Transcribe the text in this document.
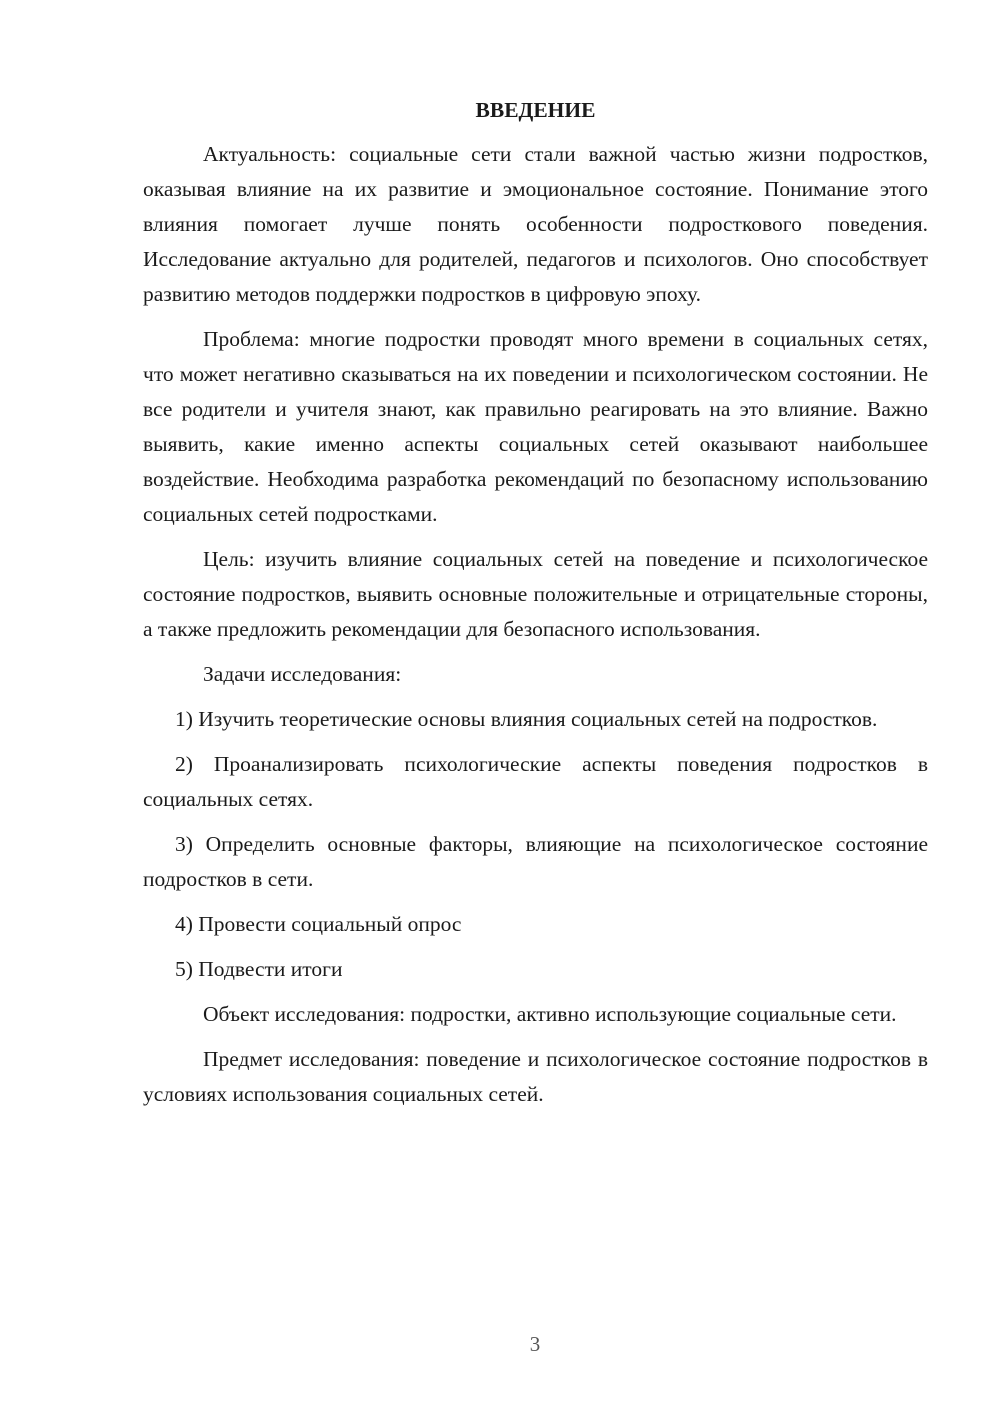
ВВЕДЕНИЕ

Актуальность: социальные сети стали важной частью жизни подростков, оказывая влияние на их развитие и эмоциональное состояние. Понимание этого влияния помогает лучше понять особенности подросткового поведения. Исследование актуально для родителей, педагогов и психологов. Оно способствует развитию методов поддержки подростков в цифровую эпоху.

Проблема: многие подростки проводят много времени в социальных сетях, что может негативно сказываться на их поведении и психологическом состоянии. Не все родители и учителя знают, как правильно реагировать на это влияние. Важно выявить, какие именно аспекты социальных сетей оказывают наибольшее воздействие. Необходима разработка рекомендаций по безопасному использованию социальных сетей подростками.

Цель: изучить влияние социальных сетей на поведение и психологическое состояние подростков, выявить основные положительные и отрицательные стороны, а также предложить рекомендации для безопасного использования.

Задачи исследования:

1) Изучить теоретические основы влияния социальных сетей на подростков.

2) Проанализировать психологические аспекты поведения подростков в социальных сетях.

3) Определить основные факторы, влияющие на психологическое состояние подростков в сети.

4) Провести социальный опрос

5) Подвести итоги

Объект исследования: подростки, активно использующие социальные сети.

Предмет исследования: поведение и психологическое состояние подростков в условиях использования социальных сетей.

3
